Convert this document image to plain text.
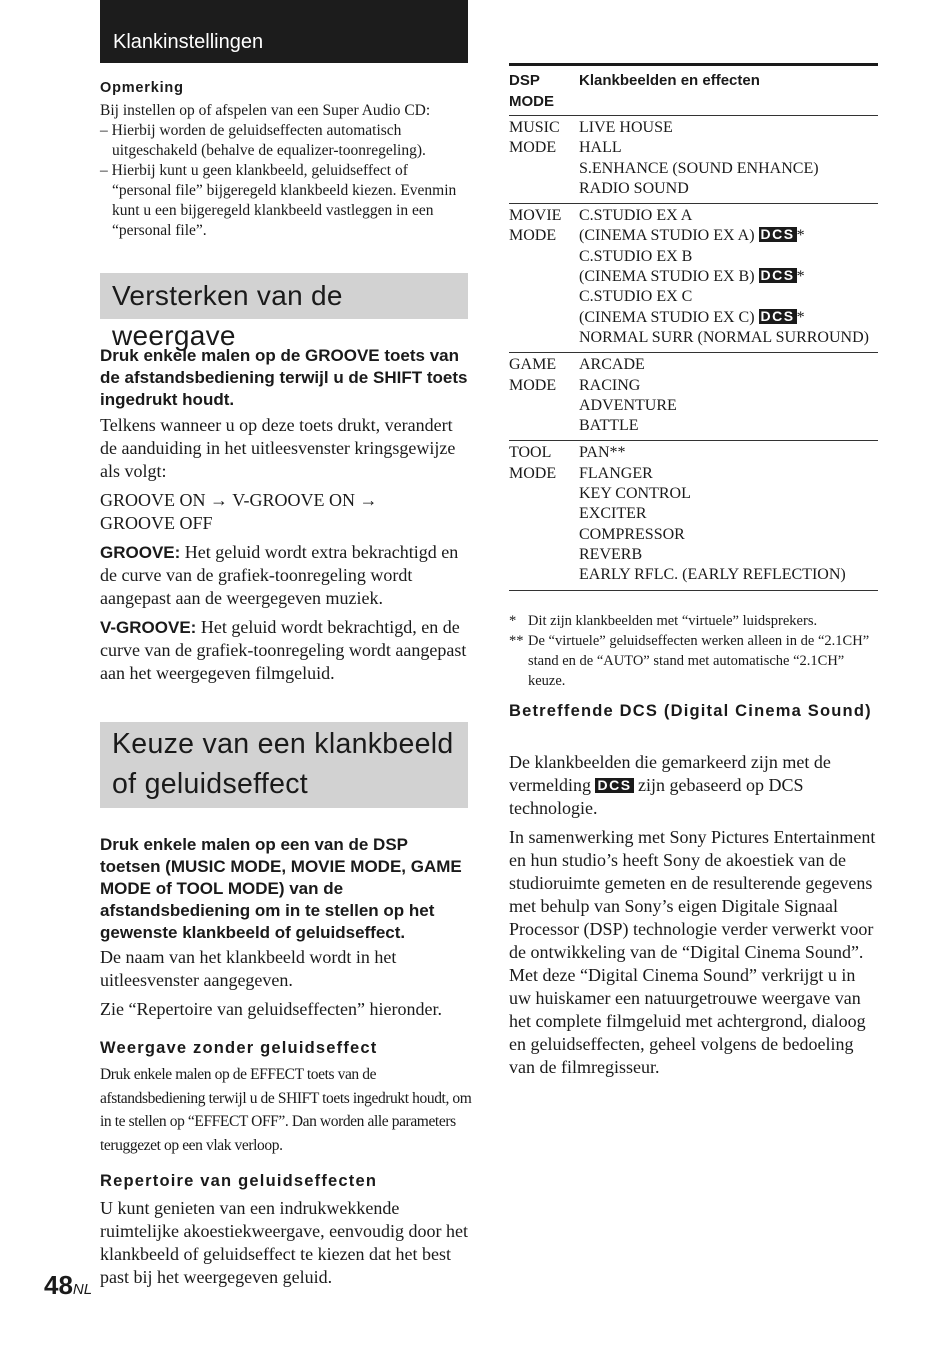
Klankinstellingen
Opmerking
Bij instellen op of afspelen van een Super Audio CD:
– Hierbij worden de geluidseffecten automatisch uitgeschakeld (behalve de equalizer-toonregeling).
– Hierbij kunt u geen klankbeeld, geluidseffect of “personal file” bijgeregeld klankbeeld kiezen. Evenmin kunt u een bijgeregeld klankbeeld vastleggen in een “personal file”.
Versterken van de weergave
Druk enkele malen op de GROOVE toets van de afstandsbediening terwijl u de SHIFT toets ingedrukt houdt.

Telkens wanneer u op deze toets drukt, verandert de aanduiding in het uitleesvenster kringsgewijze als volgt:

GROOVE ON → V-GROOVE ON →
GROOVE OFF

GROOVE: Het geluid wordt extra bekrachtigd en de curve van de grafiek-toonregeling wordt aangepast aan de weergegeven muziek.

V-GROOVE: Het geluid wordt bekrachtigd, en de curve van de grafiek-toonregeling wordt aangepast aan het weergegeven filmgeluid.

Keuze van een klankbeeld
of geluidseffect
Druk enkele malen op een van de DSP toetsen (MUSIC MODE, MOVIE MODE, GAME MODE of TOOL MODE) van de afstandsbediening om in te stellen op het gewenste klankbeeld of geluidseffect.

De naam van het klankbeeld wordt in het uitleesvenster aangegeven.

Zie “Repertoire van geluidseffecten” hieronder.

Weergave zonder geluidseffect
Druk enkele malen op de EFFECT toets van de afstandsbediening terwijl u de SHIFT toets ingedrukt houdt, om in te stellen op “EFFECT OFF”. Dan worden alle parameters teruggezet op een vlak verloop.
Repertoire van geluidseffecten
U kunt genieten van een indrukwekkende ruimtelijke akoestiekweergave, eenvoudig door het klankbeeld of geluidseffect te kiezen dat het best past bij het weergegeven geluid.
48NL
DSP
MODE
Klankbeelden en effecten
MUSIC
MODE
LIVE HOUSE
HALL
S.ENHANCE (SOUND ENHANCE)
RADIO SOUND
MOVIE
MODE
C.STUDIO EX A
(CINEMA STUDIO EX A) DCS *
C.STUDIO EX B
(CINEMA STUDIO EX B) DCS *
C.STUDIO EX C
(CINEMA STUDIO EX C) DCS *
NORMAL SURR (NORMAL SURROUND)
GAME
MODE
ARCADE
RACING
ADVENTURE
BATTLE
TOOL
MODE
PAN**
FLANGER
KEY CONTROL
EXCITER
COMPRESSOR
REVERB
EARLY RFLC. (EARLY REFLECTION)
* Dit zijn klankbeelden met “virtuele” luidsprekers.
** De “virtuele” geluidseffecten werken alleen in de “2.1CH” stand en de “AUTO” stand met automatische “2.1CH” keuze.
Betreffende DCS (Digital Cinema Sound)

De klankbeelden die gemarkeerd zijn met de vermelding DCS zijn gebaseerd op DCS technologie.

In samenwerking met Sony Pictures Entertainment en hun studio’s heeft Sony de akoestiek van de studioruimte gemeten en de resulterende gegevens met behulp van Sony’s eigen Digitale Signaal Processor (DSP) technologie verder verwerkt voor de ontwikkeling van de “Digital Cinema Sound”. Met deze “Digital Cinema Sound” verkrijgt u in uw huiskamer een natuurgetrouwe weergave van het complete filmgeluid met achtergrond, dialoog en geluidseffecten, geheel volgens de bedoeling van de filmregisseur.
